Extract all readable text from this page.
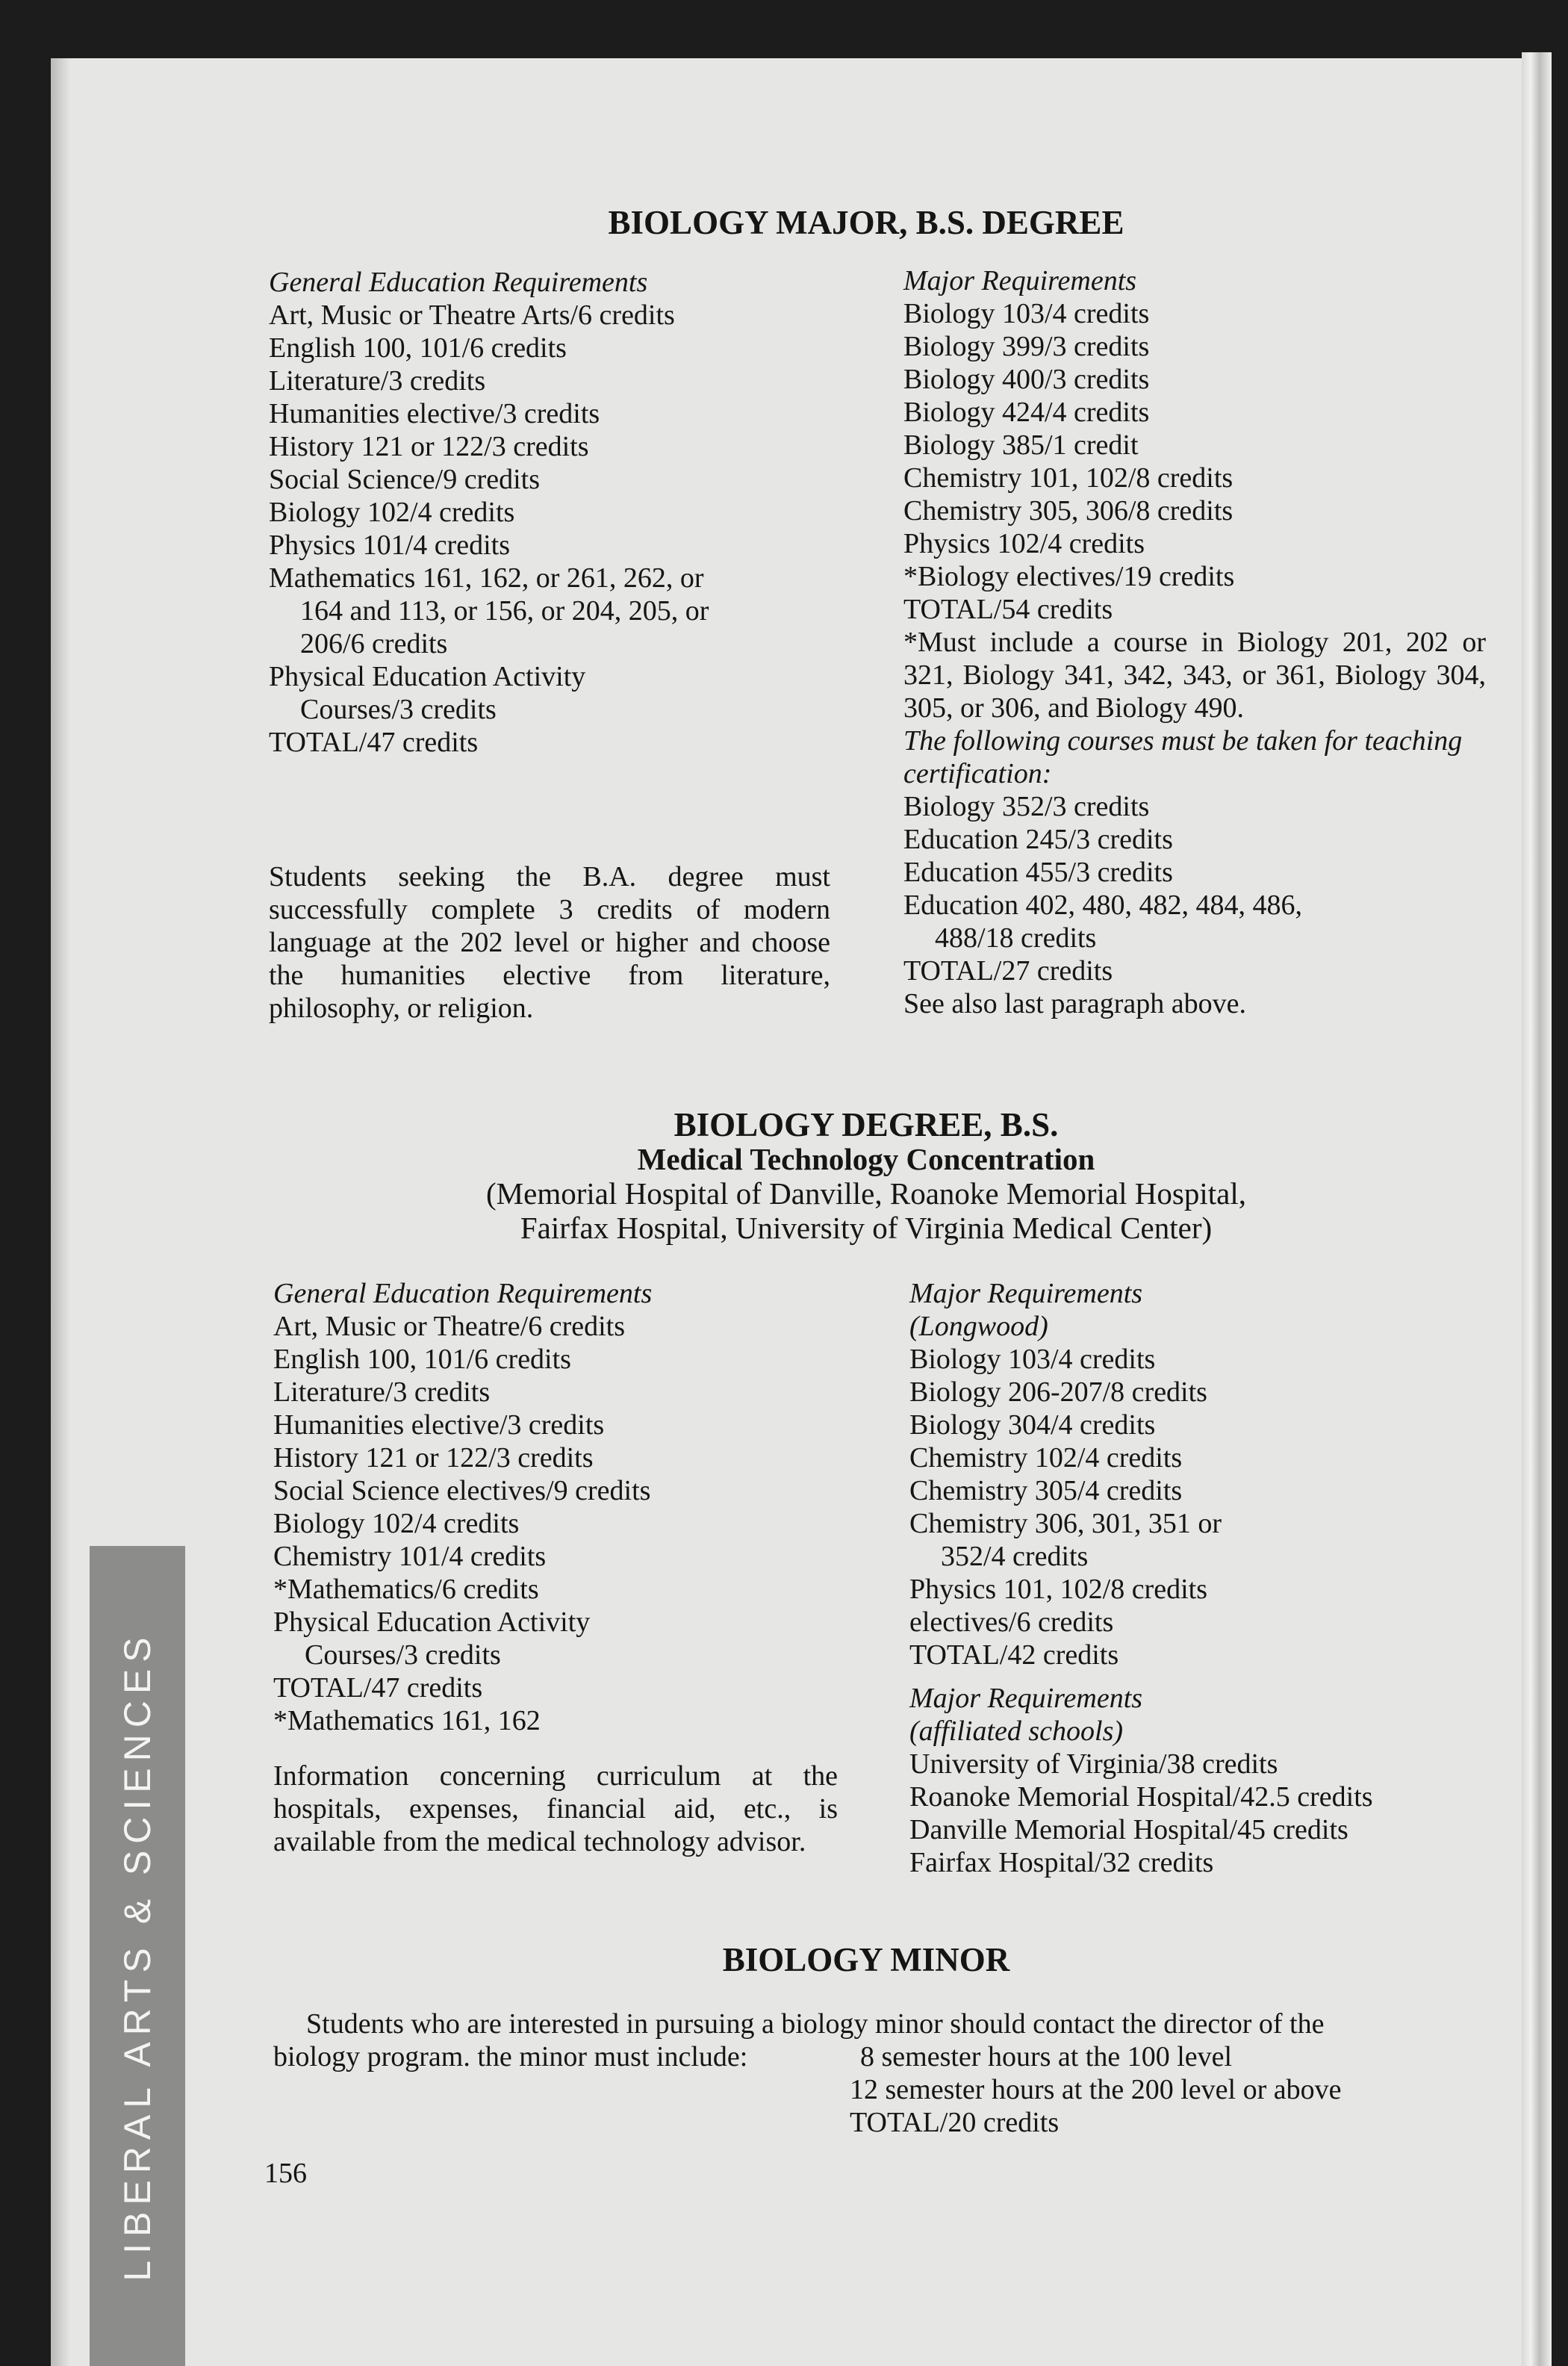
LIBERAL ARTS & SCIENCES
BIOLOGY MAJOR, B.S. DEGREE
General Education Requirements
Art, Music or Theatre Arts/6 credits
English 100, 101/6 credits
Literature/3 credits
Humanities elective/3 credits
History 121 or 122/3 credits
Social Science/9 credits
Biology 102/4 credits
Physics 101/4 credits
Mathematics 161, 162, or 261, 262, or
164 and 113, or 156, or 204, 205, or
206/6 credits
Physical Education Activity
Courses/3 credits
TOTAL/47 credits
Students seeking the B.A. degree must successfully complete 3 credits of modern language at the 202 level or higher and choose the humanities elective from literature, philosophy, or religion.
Major Requirements
Biology 103/4 credits
Biology 399/3 credits
Biology 400/3 credits
Biology 424/4 credits
Biology 385/1 credit
Chemistry 101, 102/8 credits
Chemistry 305, 306/8 credits
Physics 102/4 credits
*Biology electives/19 credits
TOTAL/54 credits
*Must include a course in Biology 201, 202 or 321, Biology 341, 342, 343, or 361, Biology 304, 305, or 306, and Biology 490.
The following courses must be taken for teaching certification:
Biology 352/3 credits
Education 245/3 credits
Education 455/3 credits
Education 402, 480, 482, 484, 486,
488/18 credits
TOTAL/27 credits
See also last paragraph above.
BIOLOGY DEGREE, B.S.
Medical Technology Concentration
(Memorial Hospital of Danville, Roanoke Memorial Hospital,
Fairfax Hospital, University of Virginia Medical Center)
General Education Requirements
Art, Music or Theatre/6 credits
English 100, 101/6 credits
Literature/3 credits
Humanities elective/3 credits
History 121 or 122/3 credits
Social Science electives/9 credits
Biology 102/4 credits
Chemistry 101/4 credits
*Mathematics/6 credits
Physical Education Activity
Courses/3 credits
TOTAL/47 credits
*Mathematics 161, 162
Information concerning curriculum at the hospitals, expenses, financial aid, etc., is available from the medical technology advisor.
Major Requirements
(Longwood)
Biology 103/4 credits
Biology 206-207/8 credits
Biology 304/4 credits
Chemistry 102/4 credits
Chemistry 305/4 credits
Chemistry 306, 301, 351 or
352/4 credits
Physics 101, 102/8 credits
electives/6 credits
TOTAL/42 credits
Major Requirements
(affiliated schools)
University of Virginia/38 credits
Roanoke Memorial Hospital/42.5 credits
Danville Memorial Hospital/45 credits
Fairfax Hospital/32 credits
BIOLOGY MINOR
Students who are interested in pursuing a biology minor should contact the director of the
biology program. the minor must include:	8 semester hours at the 100 level
12 semester hours at the 200 level or above
TOTAL/20 credits
156
